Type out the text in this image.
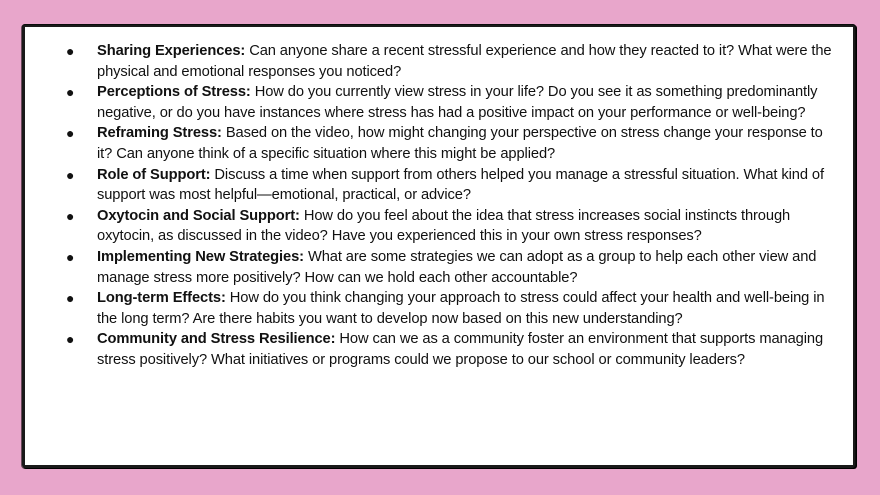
● Sharing Experiences: Can anyone share a recent stressful experience and how they reacted to it? What were the physical and emotional responses you noticed?
● Perceptions of Stress: How do you currently view stress in your life? Do you see it as something predominantly negative, or do you have instances where stress has had a positive impact on your performance or well-being?
● Reframing Stress: Based on the video, how might changing your perspective on stress change your response to it? Can anyone think of a specific situation where this might be applied?
● Role of Support: Discuss a time when support from others helped you manage a stressful situation. What kind of support was most helpful—emotional, practical, or advice?
● Oxytocin and Social Support: How do you feel about the idea that stress increases social instincts through oxytocin, as discussed in the video? Have you experienced this in your own stress responses?
● Implementing New Strategies: What are some strategies we can adopt as a group to help each other view and manage stress more positively? How can we hold each other accountable?
● Long-term Effects: How do you think changing your approach to stress could affect your health and well-being in the long term? Are there habits you want to develop now based on this new understanding?
● Community and Stress Resilience: How can we as a community foster an environment that supports managing stress positively? What initiatives or programs could we propose to our school or community leaders?
